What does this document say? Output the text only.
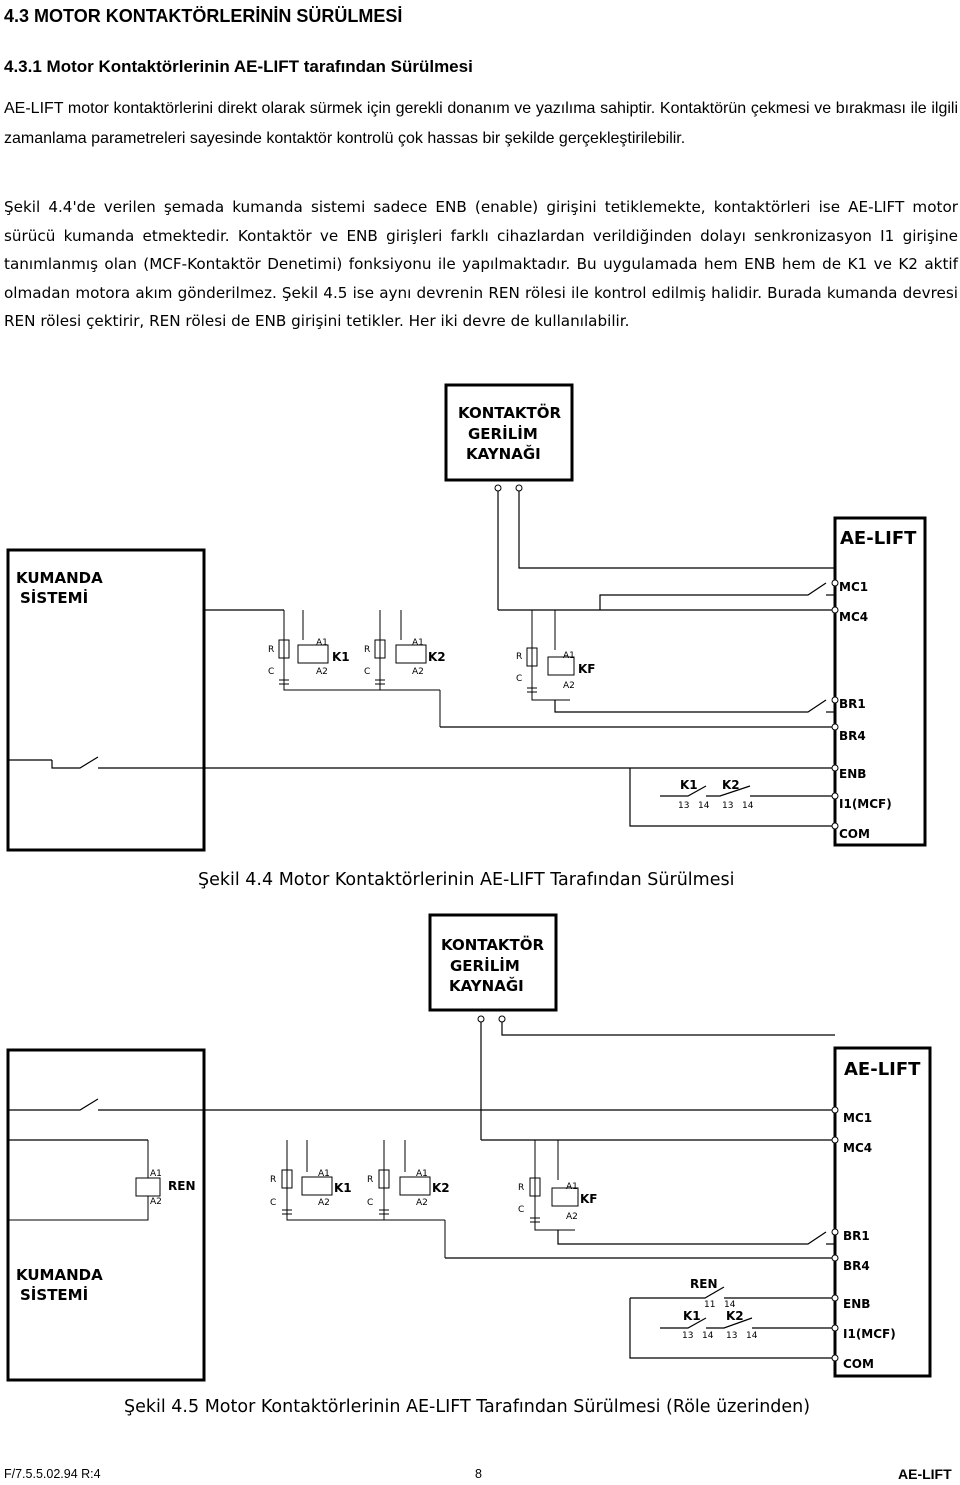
4.3 MOTOR KONTAKTÖRLERİNİN SÜRÜLMESİ
4.3.1 Motor Kontaktörlerinin AE-LIFT tarafından Sürülmesi
AE-LIFT motor kontaktörlerini direkt olarak sürmek için gerekli donanım ve yazılıma sahiptir. Kontaktörün çekmesi ve bırakması ile ilgili zamanlama parametreleri sayesinde kontaktör kontrolü çok hassas bir şekilde gerçekleştirilebilir.
Şekil 4.4'de verilen şemada kumanda sistemi sadece ENB (enable) girişini tetiklemekte, kontaktörleri ise AE-LIFT motor sürücü kumanda etmektedir. Kontaktör ve ENB girişleri farklı cihazlardan verildiğinden dolayı senkronizasyon I1 girişine tanımlanmış olan (MCF-Kontaktör Denetimi) fonksiyonu ile yapılmaktadır. Bu uygulamada hem ENB hem de K1 ve K2 aktif olmadan motora akım gönderilmez. Şekil 4.5 ise aynı devrenin REN rölesi ile kontrol edilmiş halidir. Burada kumanda devresi REN rölesi çektirir, REN rölesi de ENB girişini tetikler. Her iki devre de kullanılabilir.
KONTAKTÖR
GERİLİM
KAYNAĞI
KUMANDA
SİSTEMİ
AE-LIFT
MC1
MC4
BR1
BR4
ENB
I1(MCF)
COM
R
C
A1
A2
K1 R
C
A1
A2
K2	R
C
A1
A2
KF
K1 K2
13 14 13 14
Şekil 4.4 Motor Kontaktörlerinin AE-LIFT Tarafından Sürülmesi
KONTAKTÖR
GERİLİM
KAYNAĞI
KUMANDA
SİSTEMİ
AE-LIFT
MC1
MC4
BR1
BR4
ENB
I1(MCF)
COM
A1
A2
REN	R
C
A1
A2
K1
R
C
A1
A2
K2	R
C
A1
A2
KF
REN
11 14
K1 K2
13 14 13 14
Şekil 4.5 Motor Kontaktörlerinin AE-LIFT Tarafından Sürülmesi (Röle üzerinden)
F/7.5.5.02.94 R:4	8	AE-LIFT
